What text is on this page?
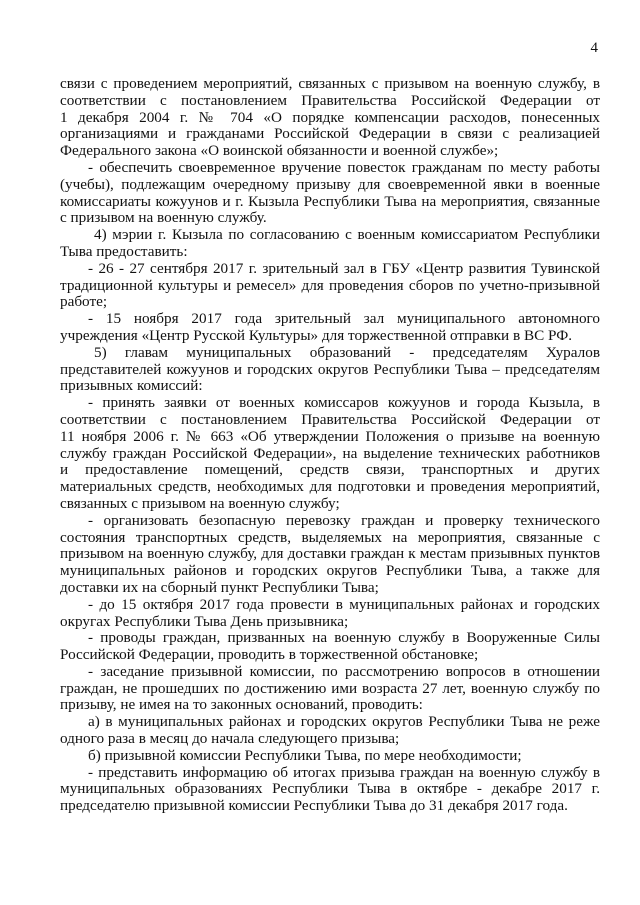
4
связи с проведением мероприятий, связанных с призывом на военную службу, в
соответствии с постановлением Правительства Российской Федерации от
1 декабря 2004 г. № 704 «О порядке компенсации расходов, понесенных
организациями и гражданами Российской Федерации в связи с реализацией
Федерального закона «О воинской обязанности и военной службе»;
- обеспечить своевременное вручение повесток гражданам по месту работы
(учебы), подлежащим очередному призыву для своевременной явки в военные
комиссариаты кожуунов и г. Кызыла Республики Тыва на мероприятия, связанные
с призывом на военную службу.
4) мэрии г. Кызыла по согласованию с военным комиссариатом Республики
Тыва предоставить:
- 26 - 27 сентября 2017 г. зрительный зал в ГБУ «Центр развития Тувинской
традиционной культуры и ремесел» для проведения сборов по учетно-призывной
работе;
- 15 ноября 2017 года зрительный зал муниципального автономного
учреждения «Центр Русской Культуры» для торжественной отправки в ВС РФ.
5) главам муниципальных образований - председателям Хуралов
представителей кожуунов и городских округов Республики Тыва – председателям
призывных комиссий:
- принять заявки от военных комиссаров кожуунов и города Кызыла, в
соответствии с постановлением Правительства Российской Федерации от
11 ноября 2006 г. № 663 «Об утверждении Положения о призыве на военную
службу граждан Российской Федерации», на выделение технических работников
и предоставление помещений, средств связи, транспортных и других
материальных средств, необходимых для подготовки и проведения мероприятий,
связанных с призывом на военную службу;
- организовать безопасную перевозку граждан и проверку технического
состояния транспортных средств, выделяемых на мероприятия, связанные с
призывом на военную службу, для доставки граждан к местам призывных пунктов
муниципальных районов и городских округов Республики Тыва, а также для
доставки их на сборный пункт Республики Тыва;
- до 15 октября 2017 года провести в муниципальных районах и городских
округах Республики Тыва День призывника;
- проводы граждан, призванных на военную службу в Вооруженные Силы
Российской Федерации, проводить в торжественной обстановке;
- заседание призывной комиссии, по рассмотрению вопросов в отношении
граждан, не прошедших по достижению ими возраста 27 лет, военную службу по
призыву, не имея на то законных оснований, проводить:
а) в муниципальных районах и городских округов Республики Тыва не реже
одного раза в месяц до начала следующего призыва;
б) призывной комиссии Республики Тыва, по мере необходимости;
- представить информацию об итогах призыва граждан на военную службу в
муниципальных образованиях Республики Тыва в октябре - декабре 2017 г.
председателю призывной комиссии Республики Тыва до 31 декабря 2017 года.
